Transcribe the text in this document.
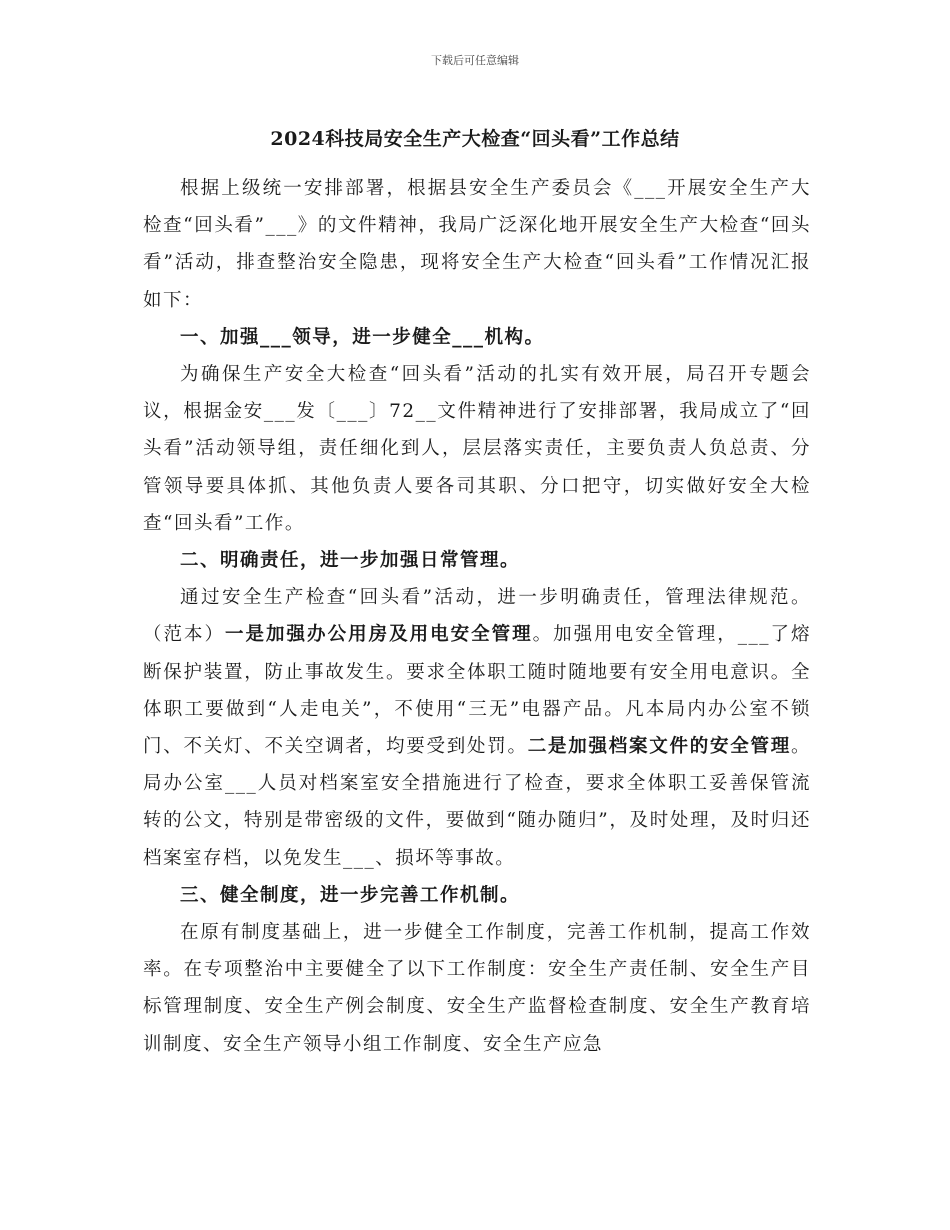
下载后可任意编辑
2024科技局安全生产大检查“回头看”工作总结

根据上级统一安排部署，根据县安全生产委员会《___开展安全生产大检查“回头看”___》的文件精神，我局广泛深化地开展安全生产大检查“回头看”活动，排查整治安全隐患，现将安全生产大检查“回头看”工作情况汇报如下：

一、加强___领导，进一步健全___机构。

为确保生产安全大检查“回头看”活动的扎实有效开展，局召开专题会议，根据金安___发〔___〕72__文件精神进行了安排部署，我局成立了“回头看”活动领导组，责任细化到人，层层落实责任，主要负责人负总责、分管领导要具体抓、其他负责人要各司其职、分口把守，切实做好安全大检查“回头看”工作。

二、明确责任，进一步加强日常管理。

通过安全生产检查“回头看”活动，进一步明确责任，管理法律规范。（范本）一是加强办公用房及用电安全管理。加强用电安全管理，___了熔断保护装置，防止事故发生。要求全体职工随时随地要有安全用电意识。全体职工要做到“人走电关”，不使用“三无”电器产品。凡本局内办公室不锁门、不关灯、不关空调者，均要受到处罚。二是加强档案文件的安全管理。局办公室___人员对档案室安全措施进行了检查，要求全体职工妥善保管流转的公文，特别是带密级的文件，要做到“随办随归”，及时处理，及时归还档案室存档，以免发生___、损坏等事故。

三、健全制度，进一步完善工作机制。

在原有制度基础上，进一步健全工作制度，完善工作机制，提高工作效率。在专项整治中主要健全了以下工作制度：安全生产责任制、安全生产目标管理制度、安全生产例会制度、安全生产监督检查制度、安全生产教育培训制度、安全生产领导小组工作制度、安全生产应急
